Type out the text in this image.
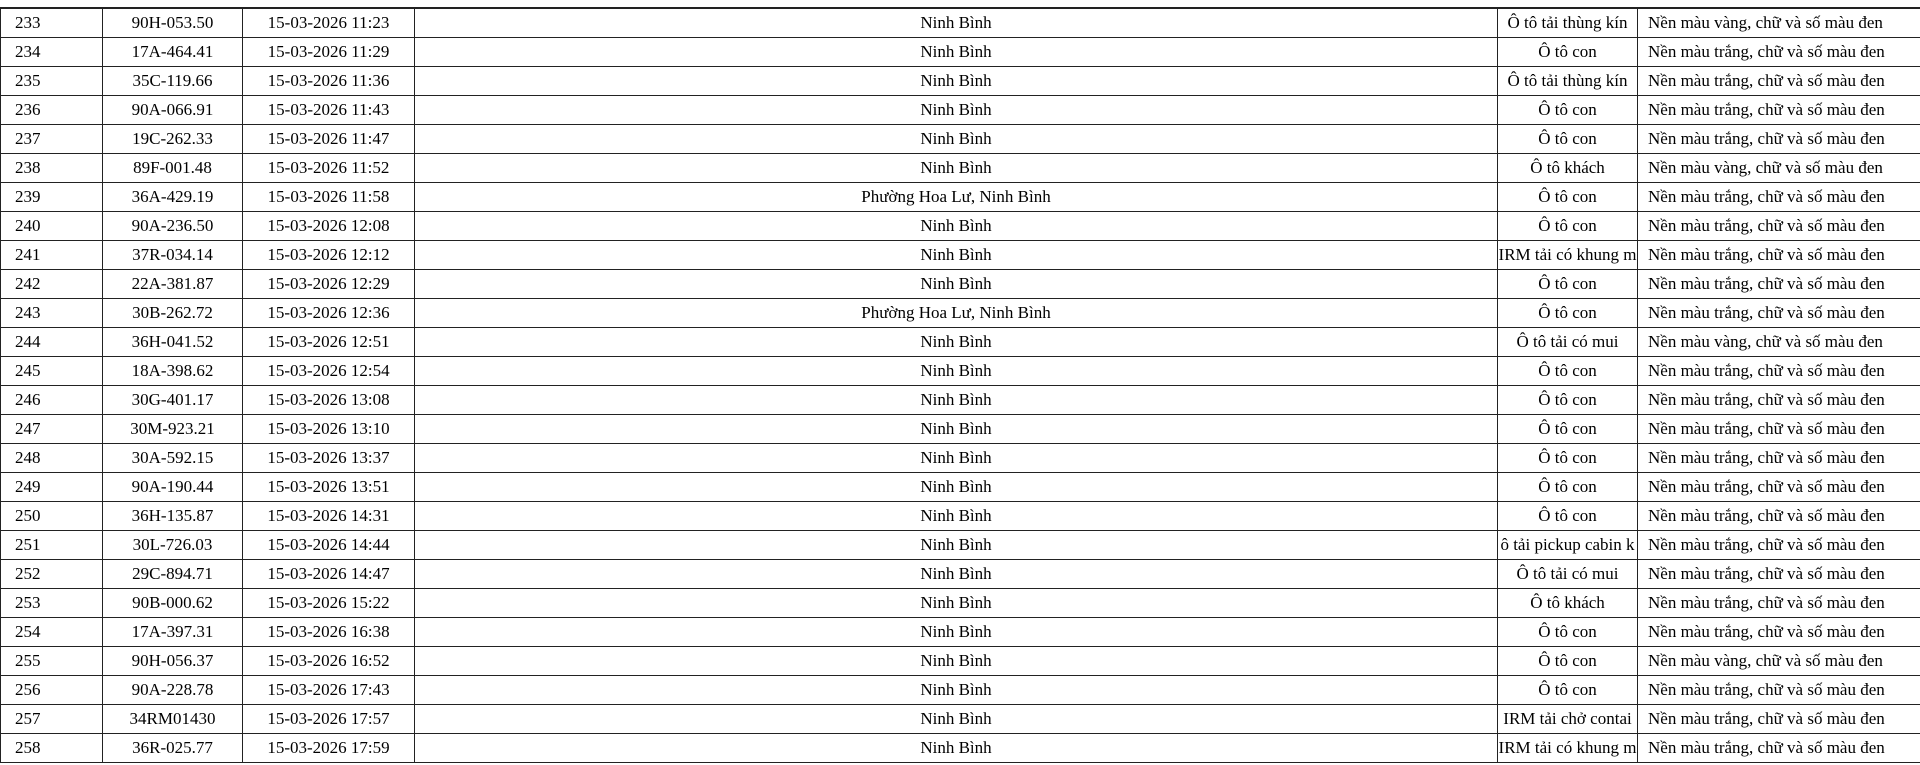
233	90H-053.50	15-03-2026 11:23	Ninh Bình	Ô tô tải thùng kín	Nền màu vàng, chữ và số màu đen
234	17A-464.41	15-03-2026 11:29	Ninh Bình	Ô tô con	Nền màu trắng, chữ và số màu đen
235	35C-119.66	15-03-2026 11:36	Ninh Bình	Ô tô tải thùng kín	Nền màu trắng, chữ và số màu đen
236	90A-066.91	15-03-2026 11:43	Ninh Bình	Ô tô con	Nền màu trắng, chữ và số màu đen
237	19C-262.33	15-03-2026 11:47	Ninh Bình	Ô tô con	Nền màu trắng, chữ và số màu đen
238	89F-001.48	15-03-2026 11:52	Ninh Bình	Ô tô khách	Nền màu vàng, chữ và số màu đen
239	36A-429.19	15-03-2026 11:58	Phường Hoa Lư, Ninh Bình	Ô tô con	Nền màu trắng, chữ và số màu đen
240	90A-236.50	15-03-2026 12:08	Ninh Bình	Ô tô con	Nền màu trắng, chữ và số màu đen
241	37R-034.14	15-03-2026 12:12	Ninh Bình	IRM tải có khung m	Nền màu trắng, chữ và số màu đen
242	22A-381.87	15-03-2026 12:29	Ninh Bình	Ô tô con	Nền màu trắng, chữ và số màu đen
243	30B-262.72	15-03-2026 12:36	Phường Hoa Lư, Ninh Bình	Ô tô con	Nền màu trắng, chữ và số màu đen
244	36H-041.52	15-03-2026 12:51	Ninh Bình	Ô tô tải có mui	Nền màu vàng, chữ và số màu đen
245	18A-398.62	15-03-2026 12:54	Ninh Bình	Ô tô con	Nền màu trắng, chữ và số màu đen
246	30G-401.17	15-03-2026 13:08	Ninh Bình	Ô tô con	Nền màu trắng, chữ và số màu đen
247	30M-923.21	15-03-2026 13:10	Ninh Bình	Ô tô con	Nền màu trắng, chữ và số màu đen
248	30A-592.15	15-03-2026 13:37	Ninh Bình	Ô tô con	Nền màu trắng, chữ và số màu đen
249	90A-190.44	15-03-2026 13:51	Ninh Bình	Ô tô con	Nền màu trắng, chữ và số màu đen
250	36H-135.87	15-03-2026 14:31	Ninh Bình	Ô tô con	Nền màu trắng, chữ và số màu đen
251	30L-726.03	15-03-2026 14:44	Ninh Bình	ô tải pickup cabin k	Nền màu trắng, chữ và số màu đen
252	29C-894.71	15-03-2026 14:47	Ninh Bình	Ô tô tải có mui	Nền màu trắng, chữ và số màu đen
253	90B-000.62	15-03-2026 15:22	Ninh Bình	Ô tô khách	Nền màu trắng, chữ và số màu đen
254	17A-397.31	15-03-2026 16:38	Ninh Bình	Ô tô con	Nền màu trắng, chữ và số màu đen
255	90H-056.37	15-03-2026 16:52	Ninh Bình	Ô tô con	Nền màu vàng, chữ và số màu đen
256	90A-228.78	15-03-2026 17:43	Ninh Bình	Ô tô con	Nền màu trắng, chữ và số màu đen
257	34RM01430	15-03-2026 17:57	Ninh Bình	IRM tải chở contai	Nền màu trắng, chữ và số màu đen
258	36R-025.77	15-03-2026 17:59	Ninh Bình	IRM tải có khung m	Nền màu trắng, chữ và số màu đen
